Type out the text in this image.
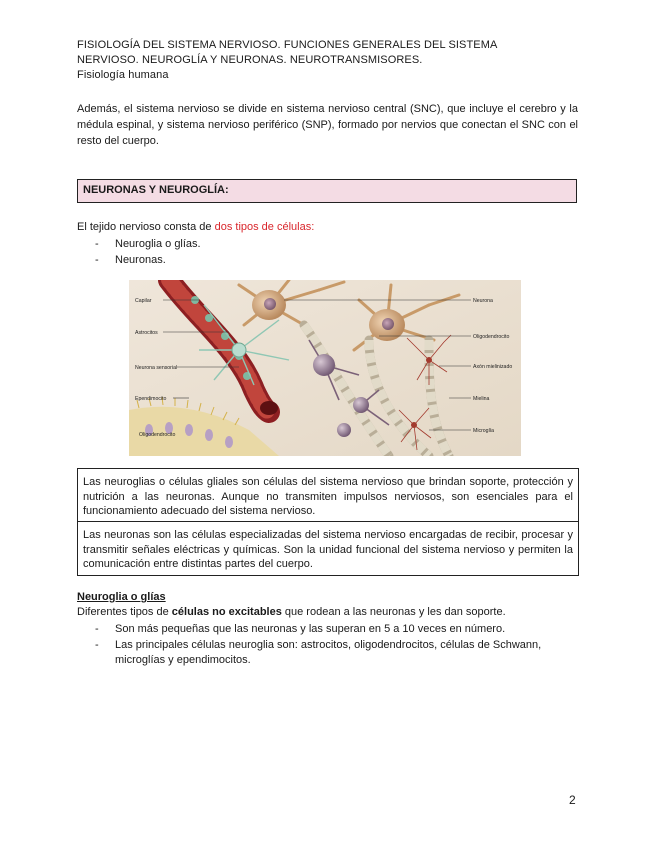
FISIOLOGÍA DEL SISTEMA NERVIOSO. FUNCIONES GENERALES DEL SISTEMA
NERVIOSO. NEUROGLÍA Y NEURONAS. NEUROTRANSMISORES.
Fisiología humana

Además, el sistema nervioso se divide en sistema nervioso central (SNC), que incluye el cerebro y la médula espinal, y sistema nervioso periférico (SNP), formado por nervios que conectan el SNC con el resto del cuerpo.

NEURONAS Y NEUROGLÍA:
El tejido nervioso consta de dos tipos de células:
- Neuroglia o glías.
- Neuronas.
Capilar
Astrocitos
Neurona sensorial
Ependimocito
Oligodendrocito
Neurona
Oligodendrocito
Axón mielinizado
Mielina
Microglía
Las neuroglias o células gliales son células del sistema nervioso que brindan soporte, protección y nutrición a las neuronas. Aunque no transmiten impulsos nerviosos, son esenciales para el funcionamiento adecuado del sistema nervioso.
Las neuronas son las células especializadas del sistema nervioso encargadas de recibir, procesar y transmitir señales eléctricas y químicas. Son la unidad funcional del sistema nervioso y permiten la comunicación entre distintas partes del cuerpo.
Neuroglia o glías
Diferentes tipos de células no excitables que rodean a las neuronas y les dan soporte.
- Son más pequeñas que las neuronas y las superan en 5 a 10 veces en número.
- Las principales células neuroglia son: astrocitos, oligodendrocitos, células de Schwann, microglías y ependimocitos.
2
